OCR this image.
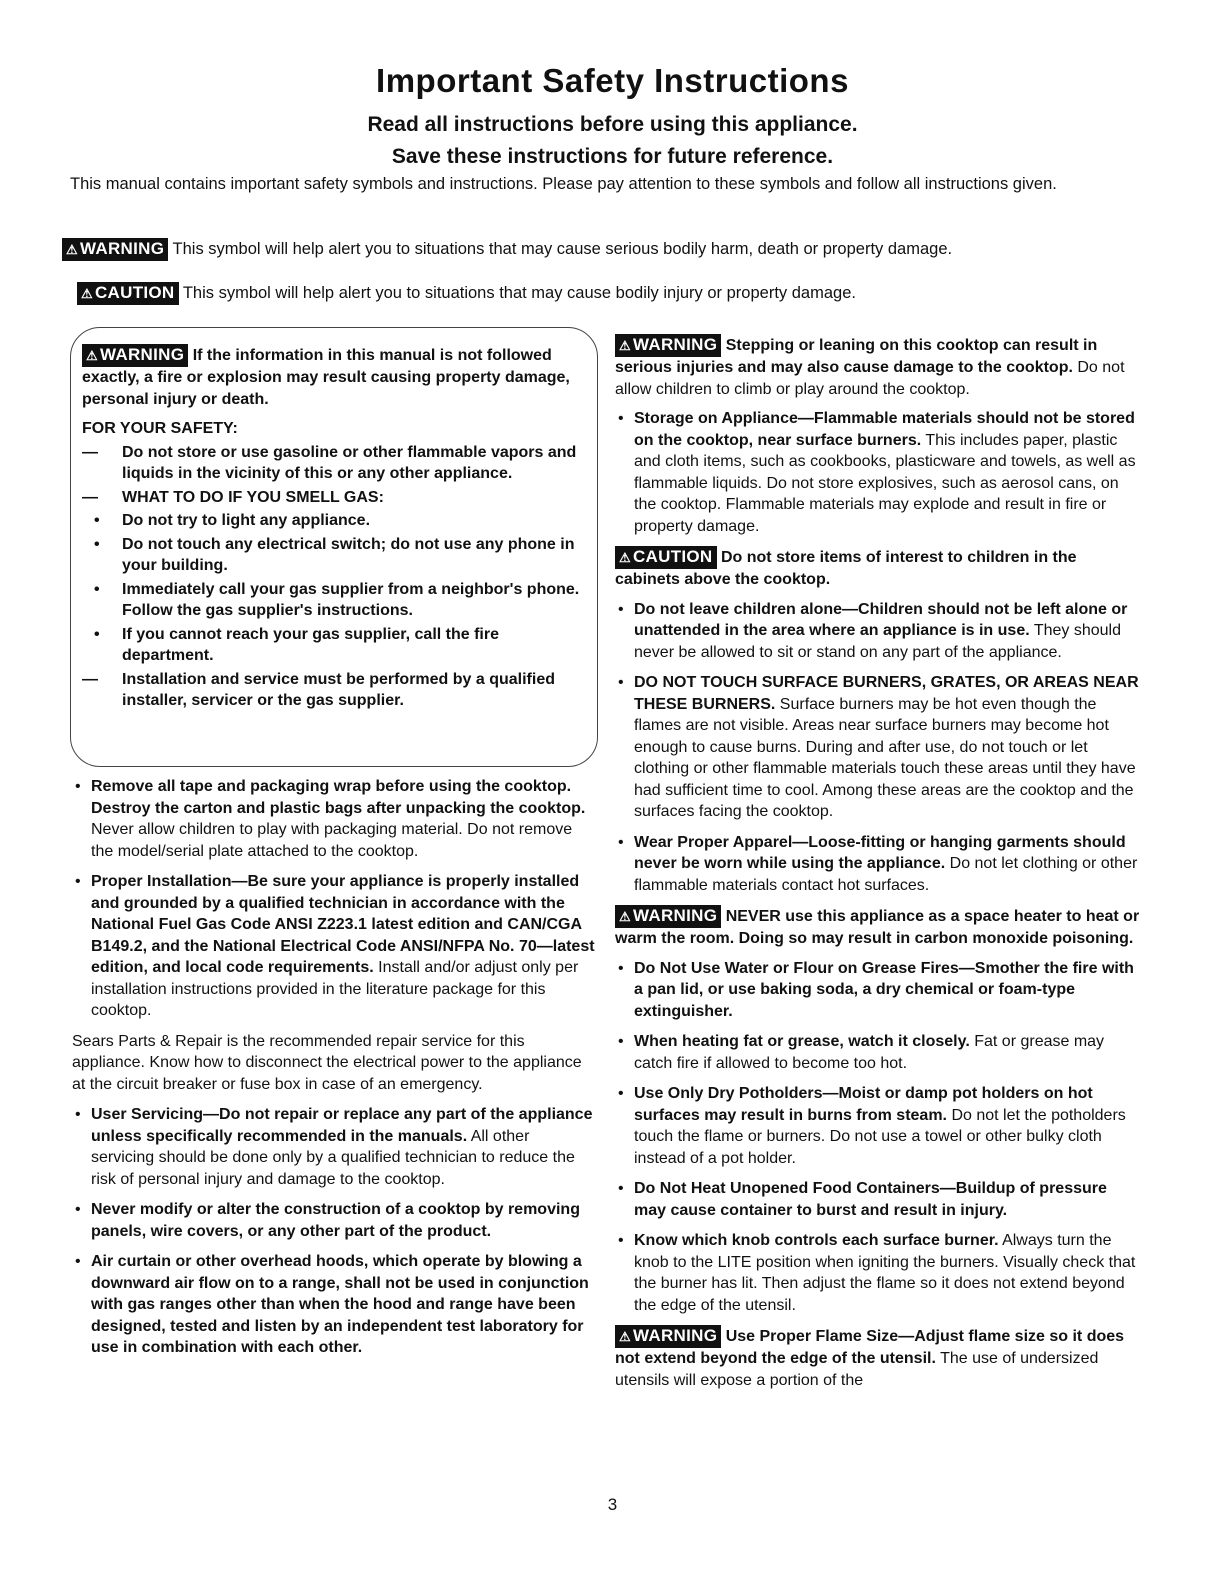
Important Safety Instructions
Read all instructions before using this appliance.
Save these instructions for future reference.
This manual contains important safety symbols and instructions. Please pay attention to these symbols and follow all instructions given.
⚠ WARNING This symbol will help alert you to situations that may cause serious bodily harm, death or property damage.
⚠ CAUTION This symbol will help alert you to situations that may cause bodily injury or property damage.

⚠ WARNING If the information in this manual is not followed exactly, a fire or explosion may result causing property damage, personal injury or death.

FOR YOUR SAFETY:

— Do not store or use gasoline or other flammable vapors and liquids in the vicinity of this or any other appliance.
— WHAT TO DO IF YOU SMELL GAS:
• Do not try to light any appliance.
• Do not touch any electrical switch; do not use any phone in your building.
• Immediately call your gas supplier from a neighbor's phone. Follow the gas supplier's instructions.
• If you cannot reach your gas supplier, call the fire department.
— Installation and service must be performed by a qualified installer, servicer or the gas supplier.
• Remove all tape and packaging wrap before using the cooktop. Destroy the carton and plastic bags after unpacking the cooktop. Never allow children to play with packaging material. Do not remove the model/serial plate attached to the cooktop.
• Proper Installation—Be sure your appliance is properly installed and grounded by a qualified technician in accordance with the National Fuel Gas Code ANSI Z223.1 latest edition and CAN/CGA B149.2, and the National Electrical Code ANSI/NFPA No. 70—latest edition, and local code requirements. Install and/or adjust only per installation instructions provided in the literature package for this cooktop.

Sears Parts & Repair is the recommended repair service for this appliance. Know how to disconnect the electrical power to the appliance at the circuit breaker or fuse box in case of an emergency.

• User Servicing—Do not repair or replace any part of the appliance unless specifically recommended in the manuals. All other servicing should be done only by a qualified technician to reduce the risk of personal injury and damage to the cooktop.
• Never modify or alter the construction of a cooktop by removing panels, wire covers, or any other part of the product.
• Air curtain or other overhead hoods, which operate by blowing a downward air flow on to a range, shall not be used in conjunction with gas ranges other than when the hood and range have been designed, tested and listen by an independent test laboratory for use in combination with each other.

⚠ WARNING Stepping or leaning on this cooktop can result in serious injuries and may also cause damage to the cooktop. Do not allow children to climb or play around the cooktop.

• Storage on Appliance—Flammable materials should not be stored on the cooktop, near surface burners. This includes paper, plastic and cloth items, such as cookbooks, plasticware and towels, as well as flammable liquids. Do not store explosives, such as aerosol cans, on the cooktop. Flammable materials may explode and result in fire or property damage.

⚠ CAUTION Do not store items of interest to children in the cabinets above the cooktop.

• Do not leave children alone—Children should not be left alone or unattended in the area where an appliance is in use. They should never be allowed to sit or stand on any part of the appliance.
• DO NOT TOUCH SURFACE BURNERS, GRATES, OR AREAS NEAR THESE BURNERS. Surface burners may be hot even though the flames are not visible. Areas near surface burners may become hot enough to cause burns. During and after use, do not touch or let clothing or other flammable materials touch these areas until they have had sufficient time to cool. Among these areas are the cooktop and the surfaces facing the cooktop.
• Wear Proper Apparel—Loose-fitting or hanging garments should never be worn while using the appliance. Do not let clothing or other flammable materials contact hot surfaces.

⚠ WARNING NEVER use this appliance as a space heater to heat or warm the room. Doing so may result in carbon monoxide poisoning.

• Do Not Use Water or Flour on Grease Fires—Smother the fire with a pan lid, or use baking soda, a dry chemical or foam-type extinguisher.
• When heating fat or grease, watch it closely. Fat or grease may catch fire if allowed to become too hot.
• Use Only Dry Potholders—Moist or damp pot holders on hot surfaces may result in burns from steam. Do not let the potholders touch the flame or burners. Do not use a towel or other bulky cloth instead of a pot holder.
• Do Not Heat Unopened Food Containers—Buildup of pressure may cause container to burst and result in injury.
• Know which knob controls each surface burner. Always turn the knob to the LITE position when igniting the burners. Visually check that the burner has lit. Then adjust the flame so it does not extend beyond the edge of the utensil.

⚠ WARNING Use Proper Flame Size—Adjust flame size so it does not extend beyond the edge of the utensil. The use of undersized utensils will expose a portion of the

3
